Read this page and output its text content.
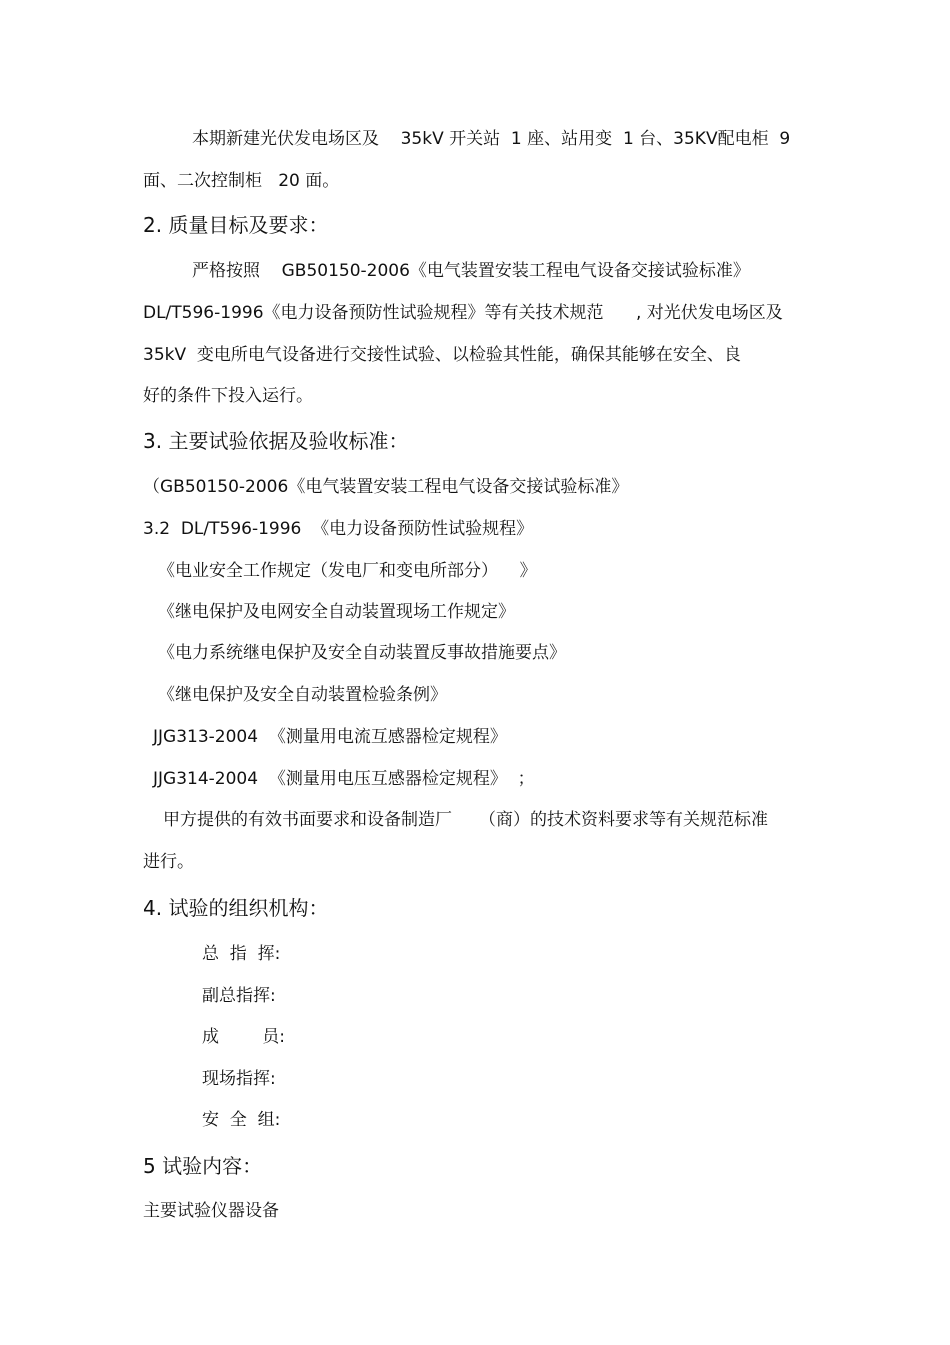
本期新建光伏发电场区及    35kV 开关站  1 座、站用变  1 台、35KV配电柜  9
面、二次控制柜   20 面。
2. 质量目标及要求：
严格按照    GB50150-2006《电气装置安装工程电气设备交接试验标准》
DL/T596-1996《电力设备预防性试验规程》等有关技术规范      , 对光伏发电场区及
35kV  变电所电气设备进行交接性试验、以检验其性能，确保其能够在安全、良
好的条件下投入运行。
3. 主要试验依据及验收标准：
（GB50150-2006《电气装置安装工程电气设备交接试验标准》
3.2  DL/T596-1996  《电力设备预防性试验规程》
《电业安全工作规定（发电厂和变电所部分）    》
《继电保护及电网安全自动装置现场工作规定》
《电力系统继电保护及安全自动装置反事故措施要点》
《继电保护及安全自动装置检验条例》
JJG313-2004  《测量用电流互感器检定规程》
JJG314-2004  《测量用电压互感器检定规程》  ；
甲方提供的有效书面要求和设备制造厂     （商）的技术资料要求等有关规范标准
进行。
4. 试验的组织机构：
总  指  挥:
副总指挥:
成        员:
现场指挥:
安  全  组:
5 试验内容：
主要试验仪器设备
